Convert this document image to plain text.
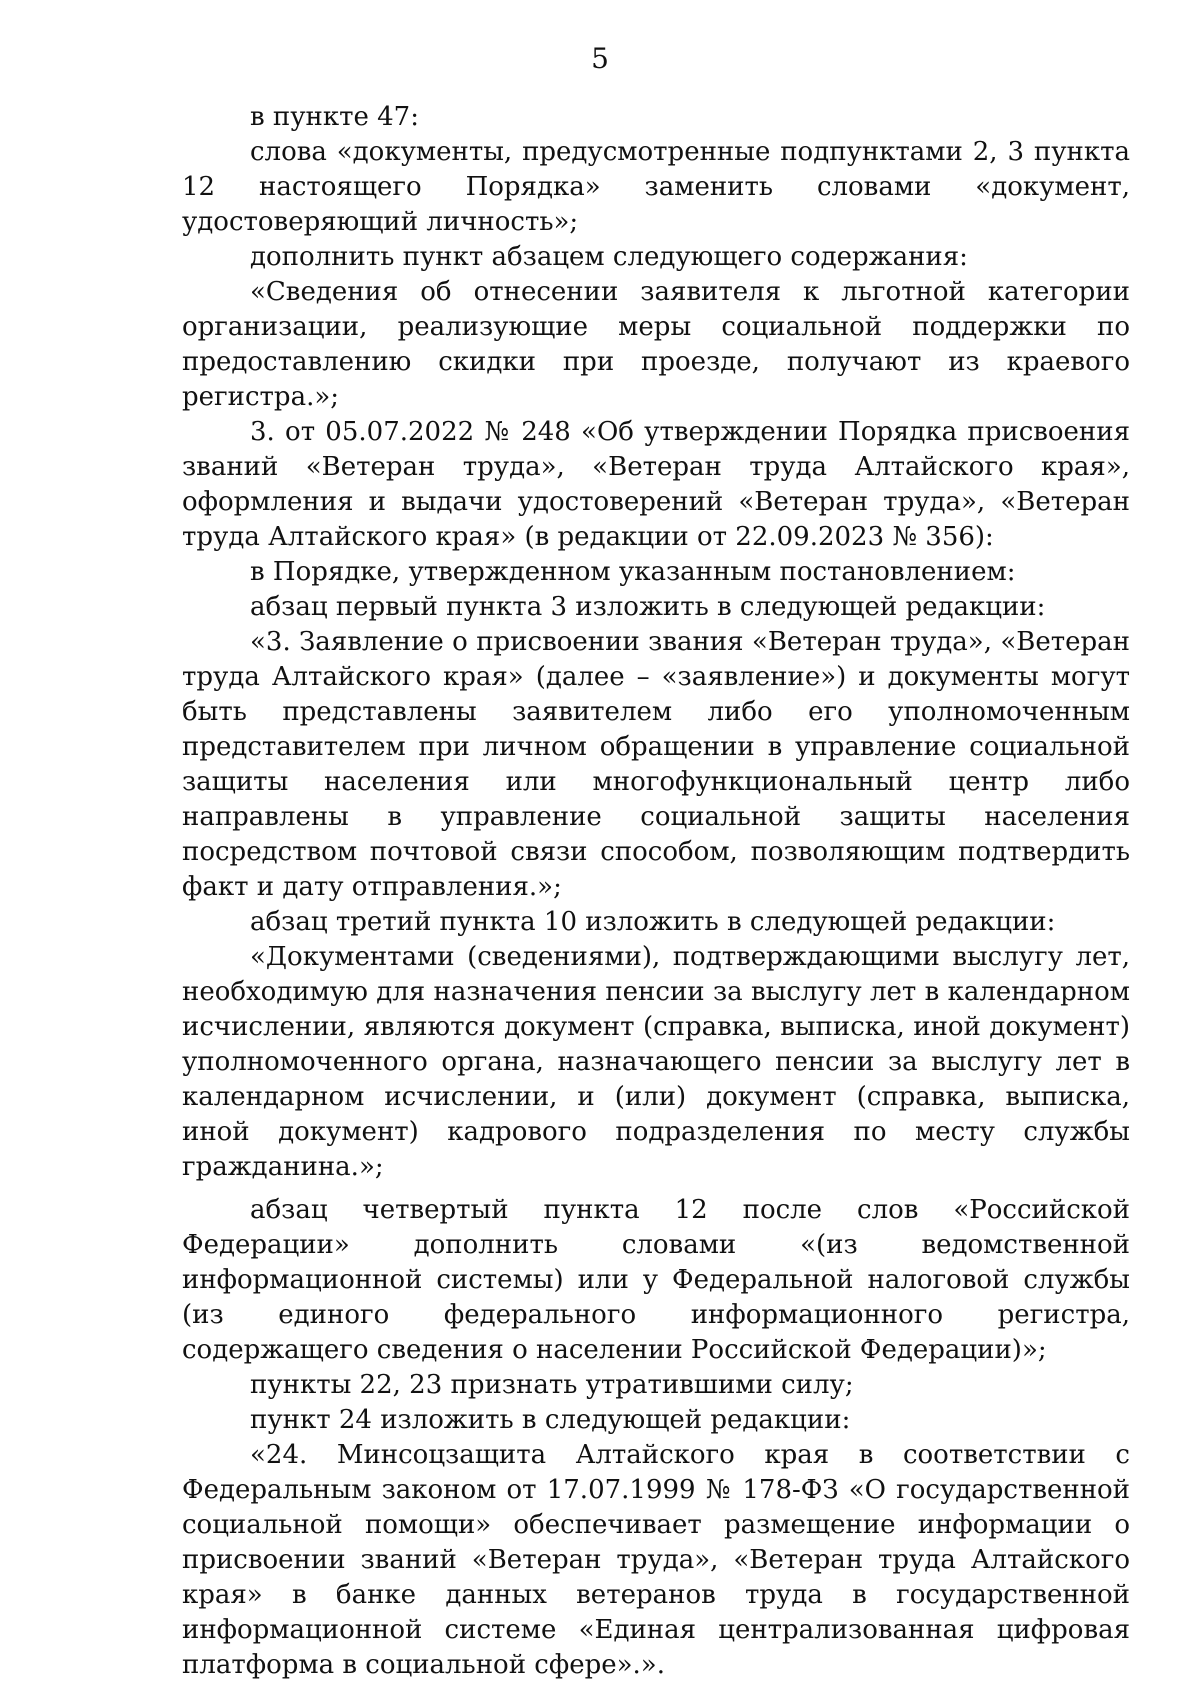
5

в пункте 47:

слова «документы, предусмотренные подпунктами 2, 3 пункта 12 настоящего Порядка» заменить словами «документ, удостоверяющий личность»;

дополнить пункт абзацем следующего содержания:

«Сведения об отнесении заявителя к льготной категории организации, реализующие меры социальной поддержки по предоставлению скидки при проезде, получают из краевого регистра.»;

3. от 05.07.2022 № 248 «Об утверждении Порядка присвоения званий «Ветеран труда», «Ветеран труда Алтайского края», оформления и выдачи удостоверений «Ветеран труда», «Ветеран труда Алтайского края» (в редакции от 22.09.2023 № 356):

в Порядке, утвержденном указанным постановлением:

абзац первый пункта 3 изложить в следующей редакции:

«3. Заявление о присвоении звания «Ветеран труда», «Ветеран труда Алтайского края» (далее – «заявление») и документы могут быть представлены заявителем либо его уполномоченным представителем при личном обращении в управление социальной защиты населения или многофункциональный центр либо направлены в управление социальной защиты населения посредством почтовой связи способом, позволяющим подтвердить факт и дату отправления.»;

абзац третий пункта 10 изложить в следующей редакции:

«Документами (сведениями), подтверждающими выслугу лет, необходимую для назначения пенсии за выслугу лет в календарном исчислении, являются документ (справка, выписка, иной документ) уполномоченного органа, назначающего пенсии за выслугу лет в календарном исчислении, и (или) документ (справка, выписка, иной документ) кадрового подразделения по месту службы гражданина.»;

абзац четвертый пункта 12 после слов «Российской Федерации» дополнить словами «(из ведомственной информационной системы) или у Федеральной налоговой службы (из единого федерального информационного регистра, содержащего сведения о населении Российской Федерации)»;

пункты 22, 23 признать утратившими силу;

пункт 24 изложить в следующей редакции:

«24. Минсоцзащита Алтайского края в соответствии с Федеральным законом от 17.07.1999 № 178-ФЗ «О государственной социальной помощи» обеспечивает размещение информации о присвоении званий «Ветеран труда», «Ветеран труда Алтайского края» в банке данных ветеранов труда в государственной информационной системе «Единая централизованная цифровая платформа в социальной сфере».».
